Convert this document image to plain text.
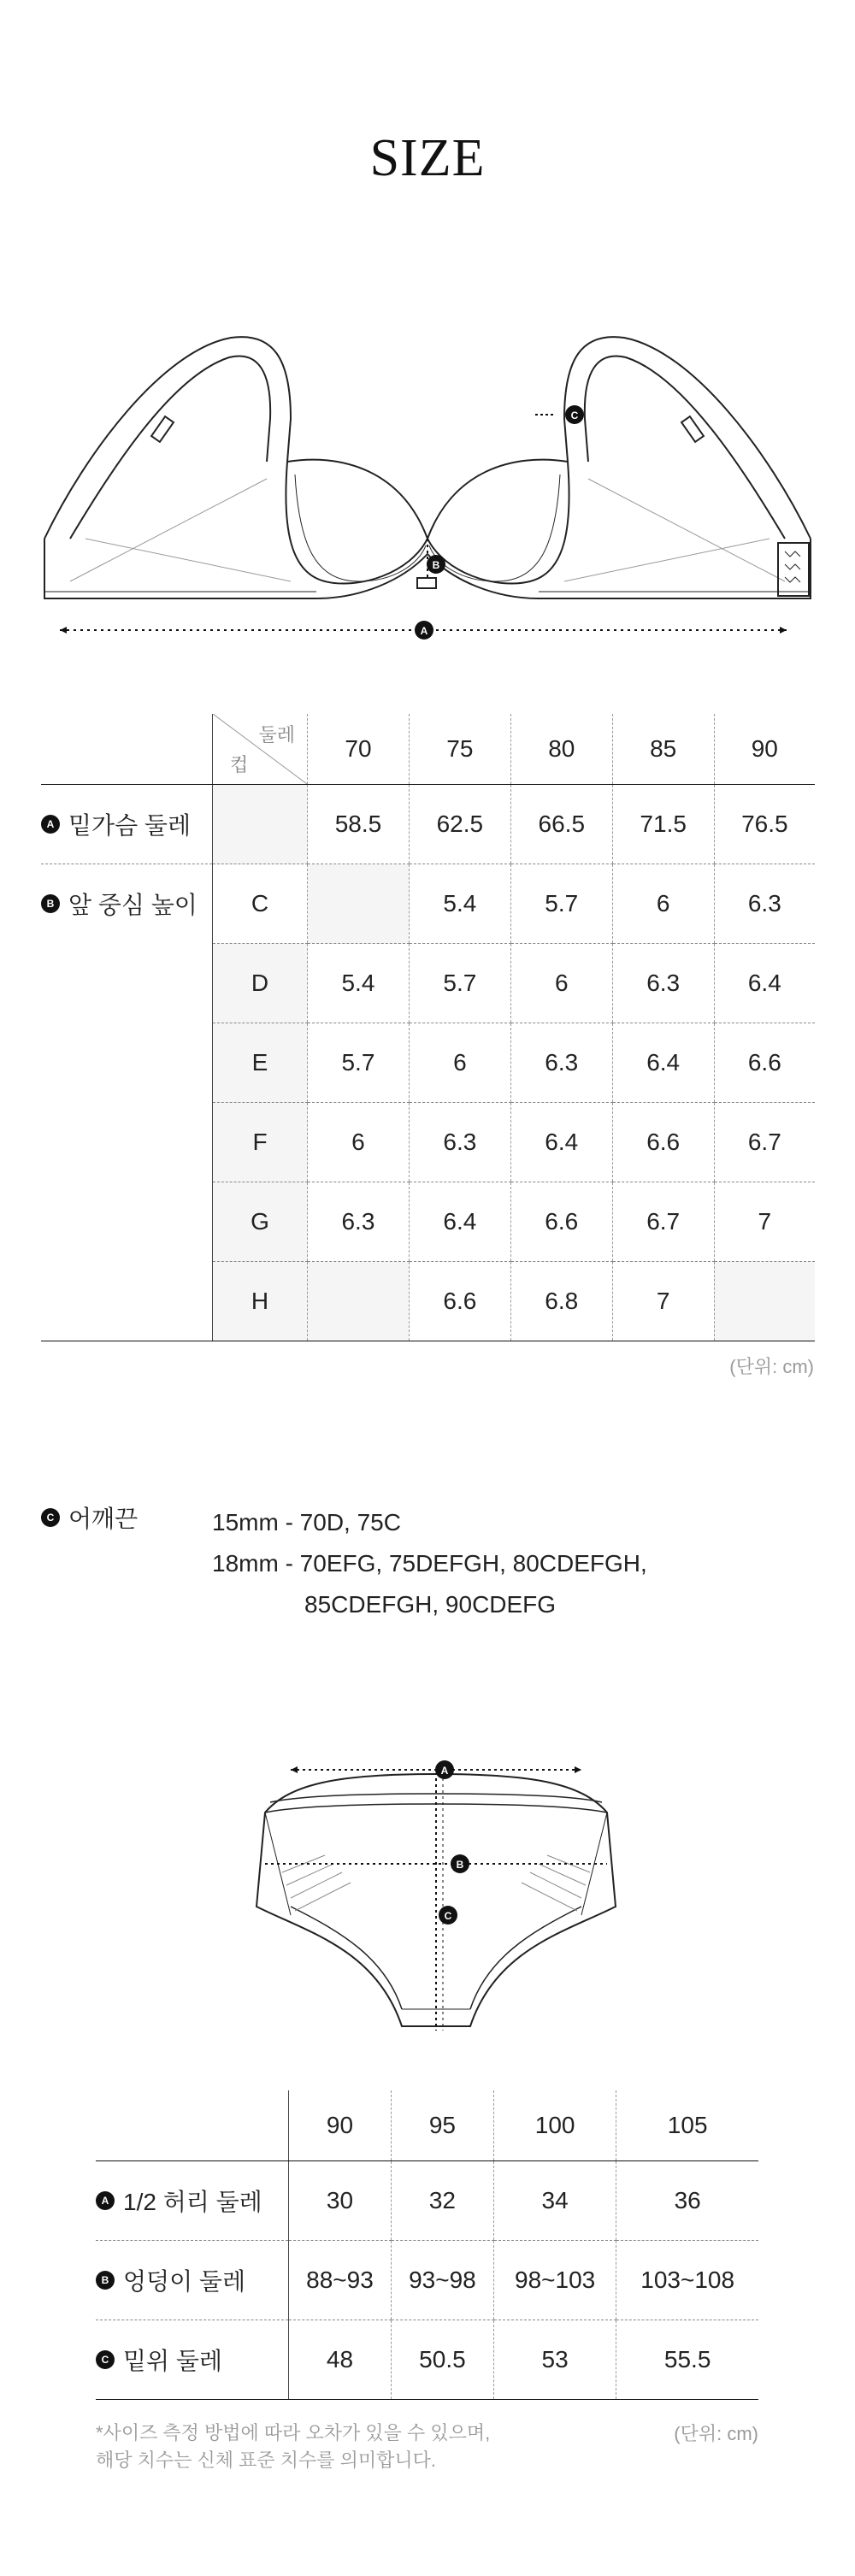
SIZE
B
C
A

	둘레
컵	70	75	80	85	90
A 밑가슴 둘레		58.5	62.5	66.5	71.5	76.5
B 앞 중심 높이	C		5.4	5.7	6	6.3
	D	5.4	5.7	6	6.3	6.4
	E	5.7	6	6.3	6.4	6.6
	F	6	6.3	6.4	6.6	6.7
	G	6.3	6.4	6.6	6.7	7
	H		6.6	6.8	7	
(단위: cm)
C 어깨끈	15mm - 70D, 75C
18mm - 70EFG, 75DEFGH, 80CDEFGH,
85CDEFGH, 90CDEFG
A
B
C
	90	95	100	105
A 1/2 허리 둘레	30	32	34	36
B 엉덩이 둘레	88~93	93~98	98~103	103~108
C 밑위 둘레	48	50.5	53	55.5
*사이즈 측정 방법에 따라 오차가 있을 수 있으며,
해당 치수는 신체 표준 치수를 의미합니다.
(단위: cm)
